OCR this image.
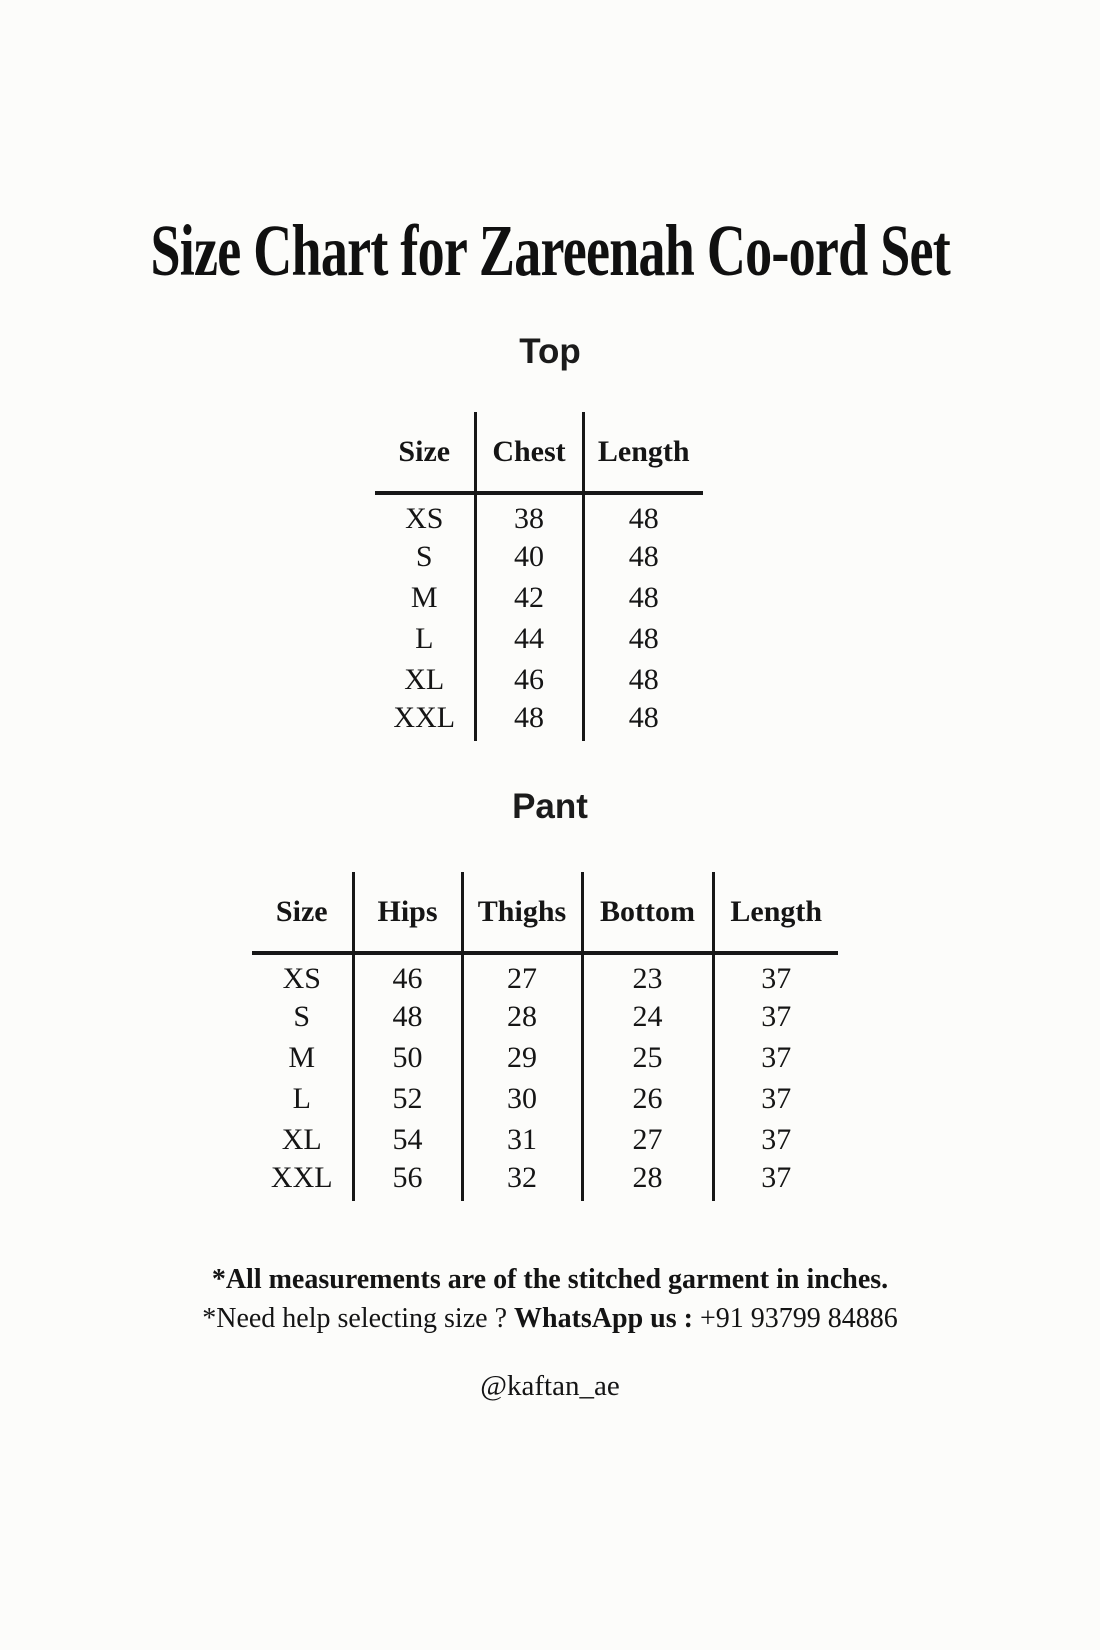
Size Chart for Zareenah Co-ord Set
Top
Size	Chest	Length
XS	38	48
S	40	48
M	42	48
L	44	48
XL	46	48
XXL	48	48
Pant
Size	Hips	Thighs	Bottom	Length
XS	46	27	23	37
S	48	28	24	37
M	50	29	25	37
L	52	30	26	37
XL	54	31	27	37
XXL	56	32	28	37
*All measurements are of the stitched garment in inches.
*Need help selecting size ? WhatsApp us : +91 93799 84886
@kaftan_ae
